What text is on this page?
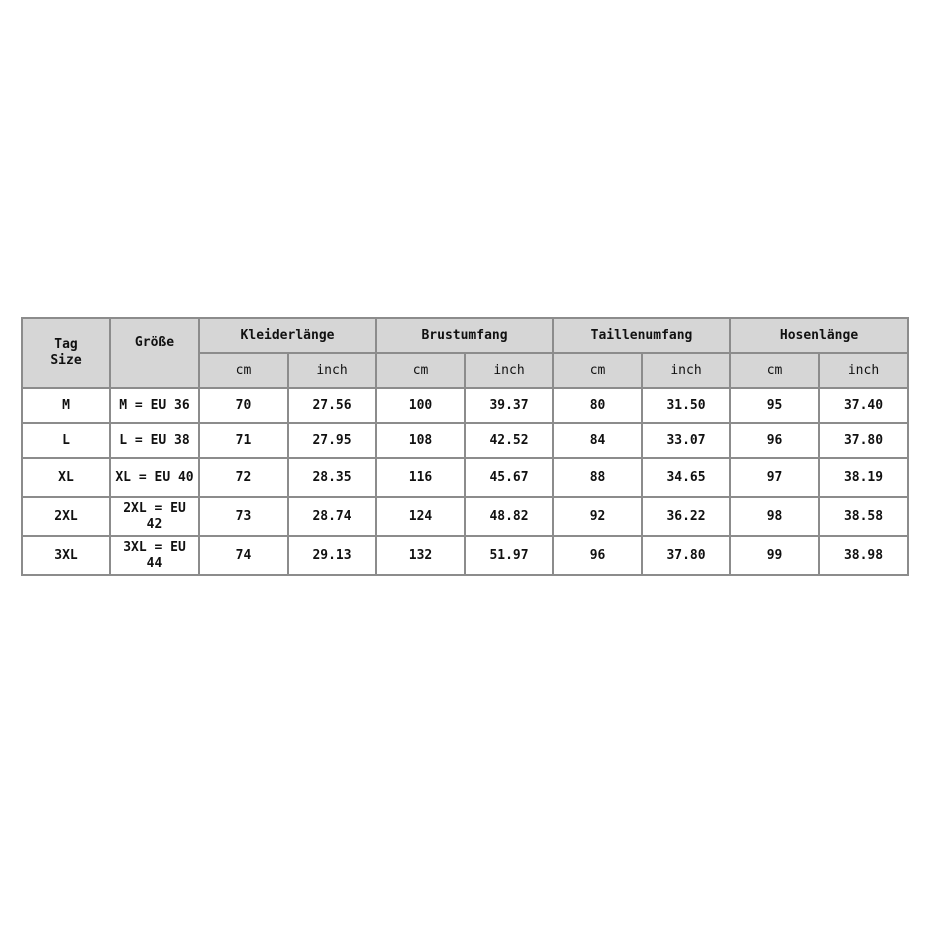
Tag
Size	Größe	Kleiderlänge		Brustumfang		Taillenumfang		Hosenlänge	
		cm	inch	cm	inch	cm	inch	cm	inch
M	M = EU 36	70	27.56	100	39.37	80	31.50	95	37.40
L	L = EU 38	71	27.95	108	42.52	84	33.07	96	37.80
XL	XL = EU 40	72	28.35	116	45.67	88	34.65	97	38.19
2XL	2XL = EU 42	73	28.74	124	48.82	92	36.22	98	38.58
3XL	3XL = EU 44	74	29.13	132	51.97	96	37.80	99	38.98
